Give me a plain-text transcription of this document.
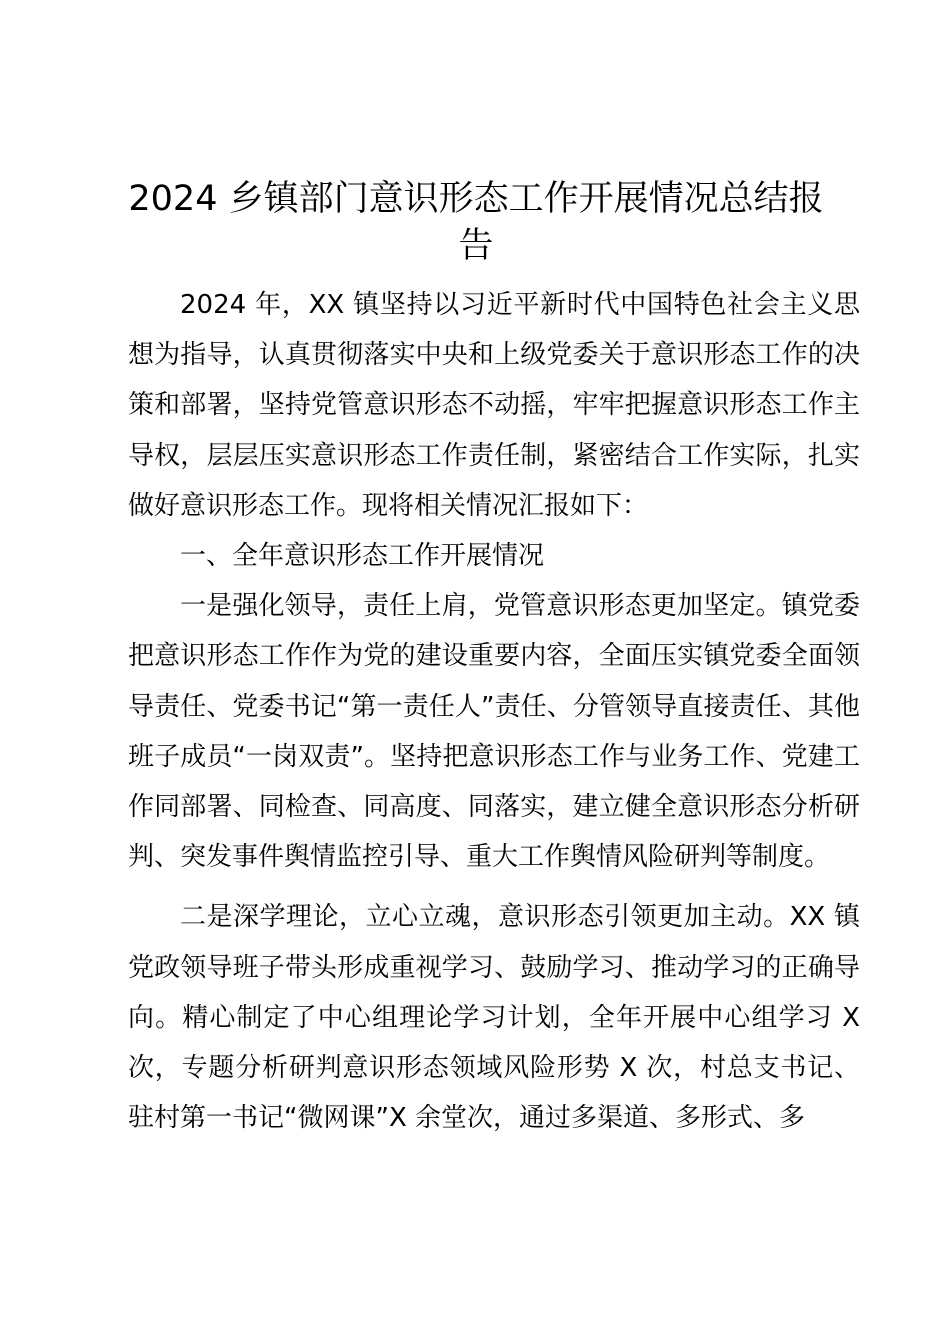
2024 乡镇部门意识形态工作开展情况总结报告

2024 年，XX 镇坚持以习近平新时代中国特色社会主义思想为指导，认真贯彻落实中央和上级党委关于意识形态工作的决策和部署，坚持党管意识形态不动摇，牢牢把握意识形态工作主导权，层层压实意识形态工作责任制，紧密结合工作实际，扎实做好意识形态工作。现将相关情况汇报如下：

一、全年意识形态工作开展情况

一是强化领导，责任上肩，党管意识形态更加坚定。镇党委把意识形态工作作为党的建设重要内容，全面压实镇党委全面领导责任、党委书记“第一责任人”责任、分管领导直接责任、其他班子成员“一岗双责”。坚持把意识形态工作与业务工作、党建工作同部署、同检查、同高度、同落实，建立健全意识形态分析研判、突发事件舆情监控引导、重大工作舆情风险研判等制度。

二是深学理论，立心立魂，意识形态引领更加主动。XX 镇党政领导班子带头形成重视学习、鼓励学习、推动学习的正确导向。精心制定了中心组理论学习计划，全年开展中心组学习 X 次，专题分析研判意识形态领域风险形势 X 次，村总支书记、驻村第一书记“微网课”X 余堂次，通过多渠道、多形式、多
